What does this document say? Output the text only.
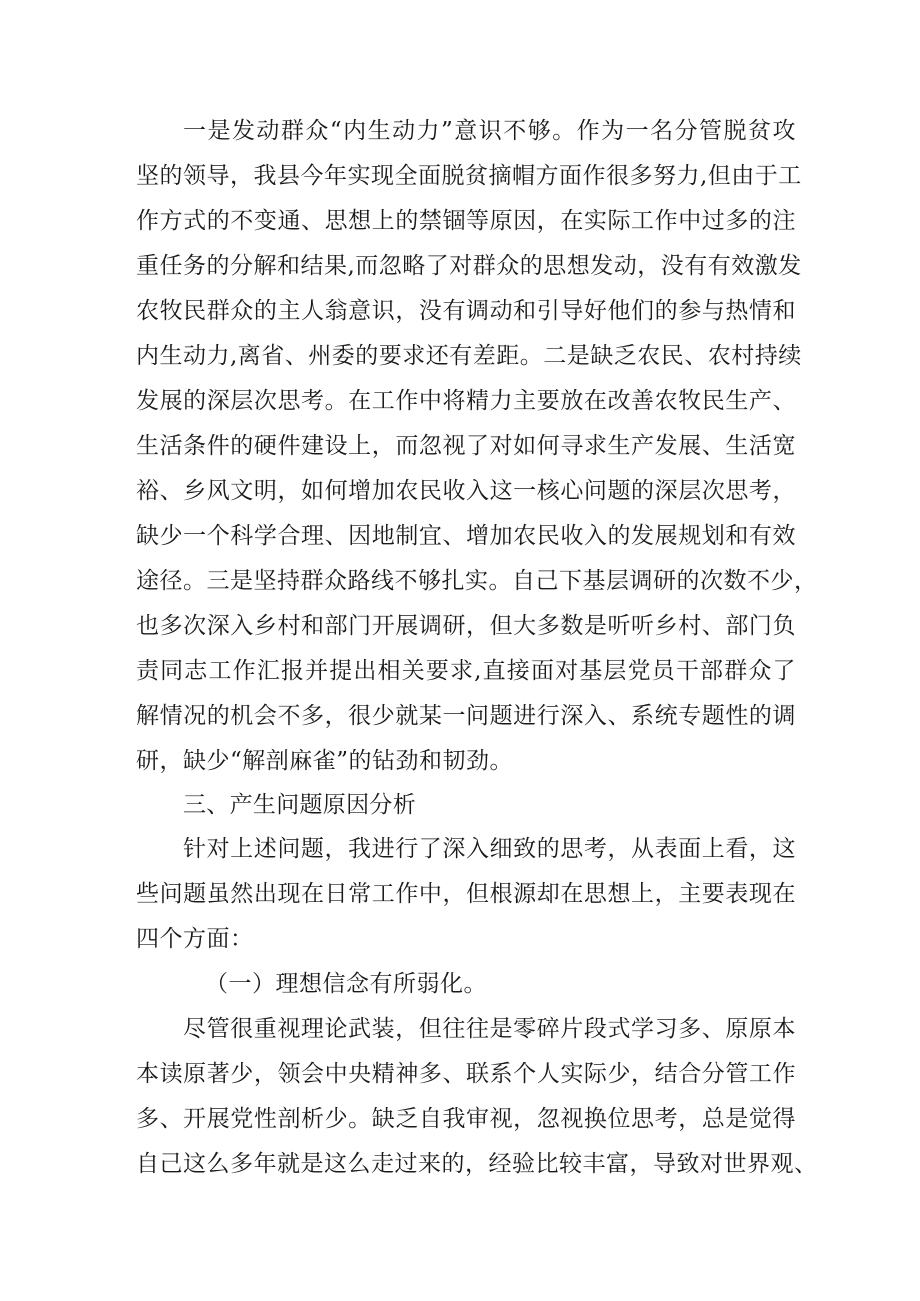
一是发动群众“内生动力”意识不够。作为一名分管脱贫攻
坚的领导，我县今年实现全面脱贫摘帽方面作很多努力,但由于工
作方式的不变通、思想上的禁锢等原因，在实际工作中过多的注
重任务的分解和结果,而忽略了对群众的思想发动，没有有效激发
农牧民群众的主人翁意识，没有调动和引导好他们的参与热情和
内生动力,离省、州委的要求还有差距。二是缺乏农民、农村持续
发展的深层次思考。在工作中将精力主要放在改善农牧民生产、
生活条件的硬件建设上，而忽视了对如何寻求生产发展、生活宽
裕、乡风文明，如何增加农民收入这一核心问题的深层次思考，
缺少一个科学合理、因地制宜、增加农民收入的发展规划和有效
途径。三是坚持群众路线不够扎实。自己下基层调研的次数不少，
也多次深入乡村和部门开展调研，但大多数是听听乡村、部门负
责同志工作汇报并提出相关要求,直接面对基层党员干部群众了
解情况的机会不多，很少就某一问题进行深入、系统专题性的调
研，缺少“解剖麻雀”的钻劲和韧劲。
三、产生问题原因分析
针对上述问题，我进行了深入细致的思考，从表面上看，这
些问题虽然出现在日常工作中，但根源却在思想上，主要表现在
四个方面：
（一）理想信念有所弱化。
尽管很重视理论武装，但往往是零碎片段式学习多、原原本
本读原著少，领会中央精神多、联系个人实际少，结合分管工作
多、开展党性剖析少。缺乏自我审视，忽视换位思考，总是觉得
自己这么多年就是这么走过来的，经验比较丰富，导致对世界观、
